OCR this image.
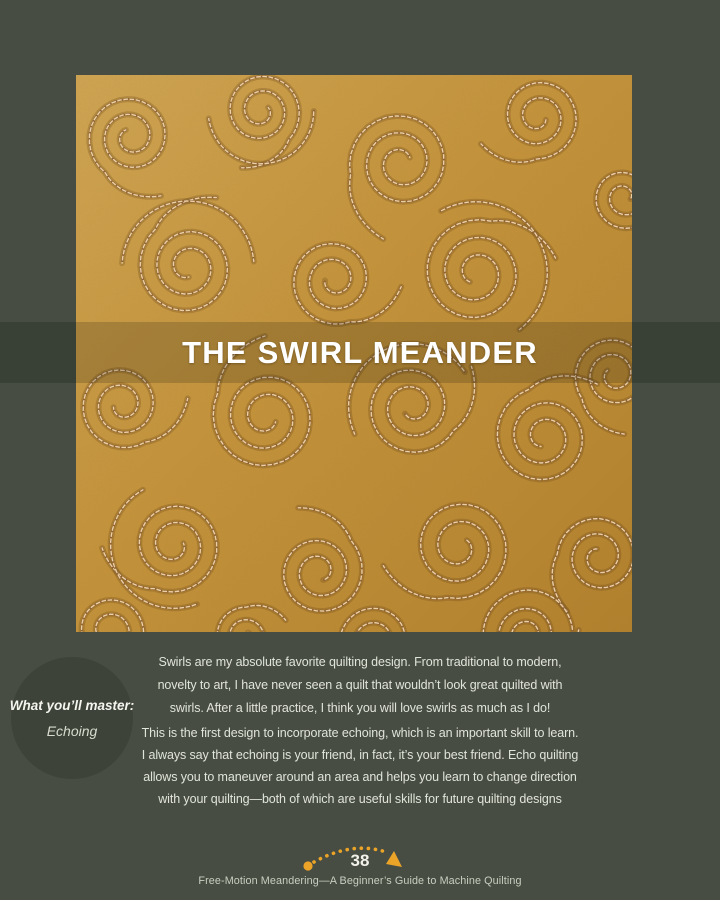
THE SWIRL MEANDER
What you’ll master:
Echoing
Swirls are my absolute favorite quilting design. From traditional to modern,
novelty to art, I have never seen a quilt that wouldn’t look great quilted with
swirls. After a little practice, I think you will love swirls as much as I do!
This is the first design to incorporate echoing, which is an important skill to learn.
I always say that echoing is your friend, in fact, it’s your best friend. Echo quilting
allows you to maneuver around an area and helps you learn to change direction
with your quilting—both of which are useful skills for future quilting designs
38
Free-Motion Meandering—A Beginner’s Guide to Machine Quilting
